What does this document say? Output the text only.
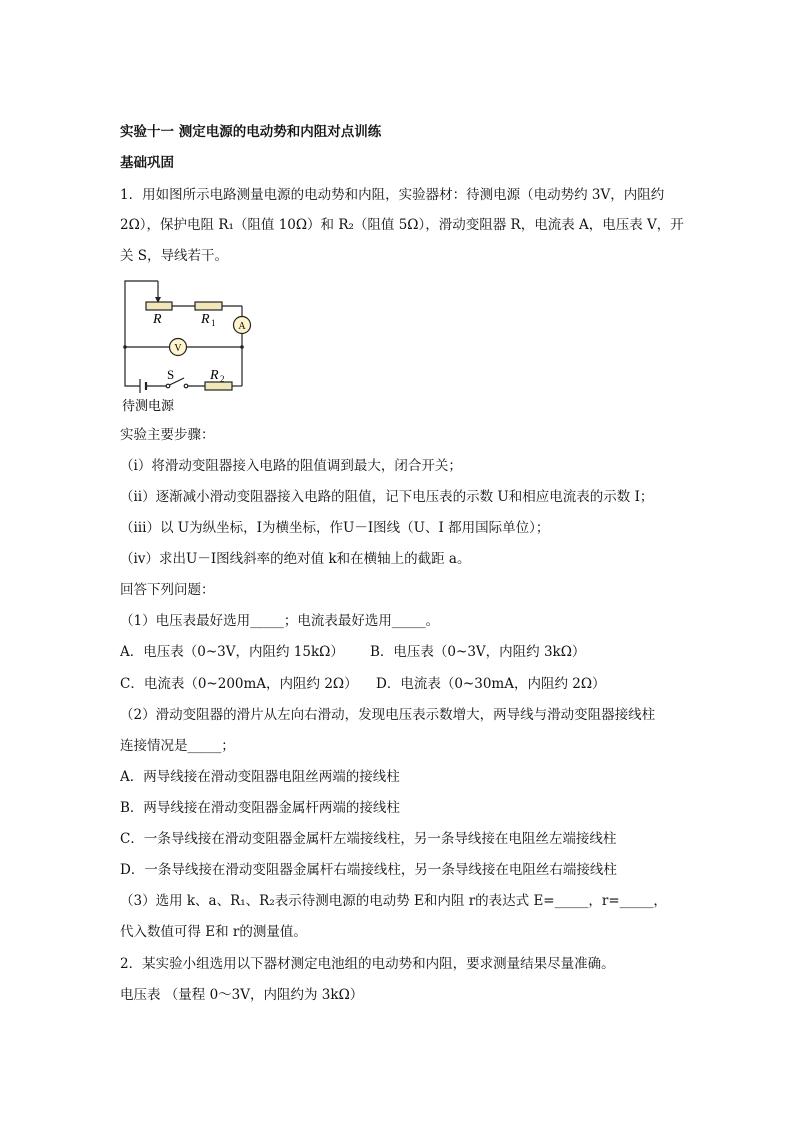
实验十一 测定电源的电动势和内阻对点训练
基础巩固
1．用如图所示电路测量电源的电动势和内阻，实验器材：待测电源（电动势约 3V，内阻约
2Ω），保护电阻 R₁（阻值 10Ω）和 R₂（阻值 5Ω），滑动变阻器 R，电流表 A，电压表 V，开
关 S，导线若干。
R	R 1 A
V
S	R 2
待测电源
实验主要步骤：
（ⅰ）将滑动变阻器接入电路的阻值调到最大，闭合开关；
（ⅱ）逐渐减小滑动变阻器接入电路的阻值，记下电压表的示数 U和相应电流表的示数 I；
（ⅲ）以 U为纵坐标，I为横坐标，作U－I图线（U、I 都用国际单位）；
（ⅳ）求出U－I图线斜率的绝对值 k和在横轴上的截距 a。
回答下列问题：
（1）电压表最好选用_____；电流表最好选用_____。
A．电压表（0~3V，内阻约 15kΩ） B．电压表（0~3V，内阻约 3kΩ）
C．电流表（0~200mA，内阻约 2Ω） D．电流表（0~30mA，内阻约 2Ω）
（2）滑动变阻器的滑片从左向右滑动，发现电压表示数增大，两导线与滑动变阻器接线柱
连接情况是_____；
A．两导线接在滑动变阻器电阻丝两端的接线柱
B．两导线接在滑动变阻器金属杆两端的接线柱
C．一条导线接在滑动变阻器金属杆左端接线柱，另一条导线接在电阻丝左端接线柱
D．一条导线接在滑动变阻器金属杆右端接线柱，另一条导线接在电阻丝右端接线柱
（3）选用 k、a、R₁、R₂表示待测电源的电动势 E和内阻 r的表达式 E=_____，r=_____，
代入数值可得 E和 r的测量值。
2．某实验小组选用以下器材测定电池组的电动势和内阻，要求测量结果尽量准确。
电压表 （量程 0～3V，内阻约为 3kΩ）
